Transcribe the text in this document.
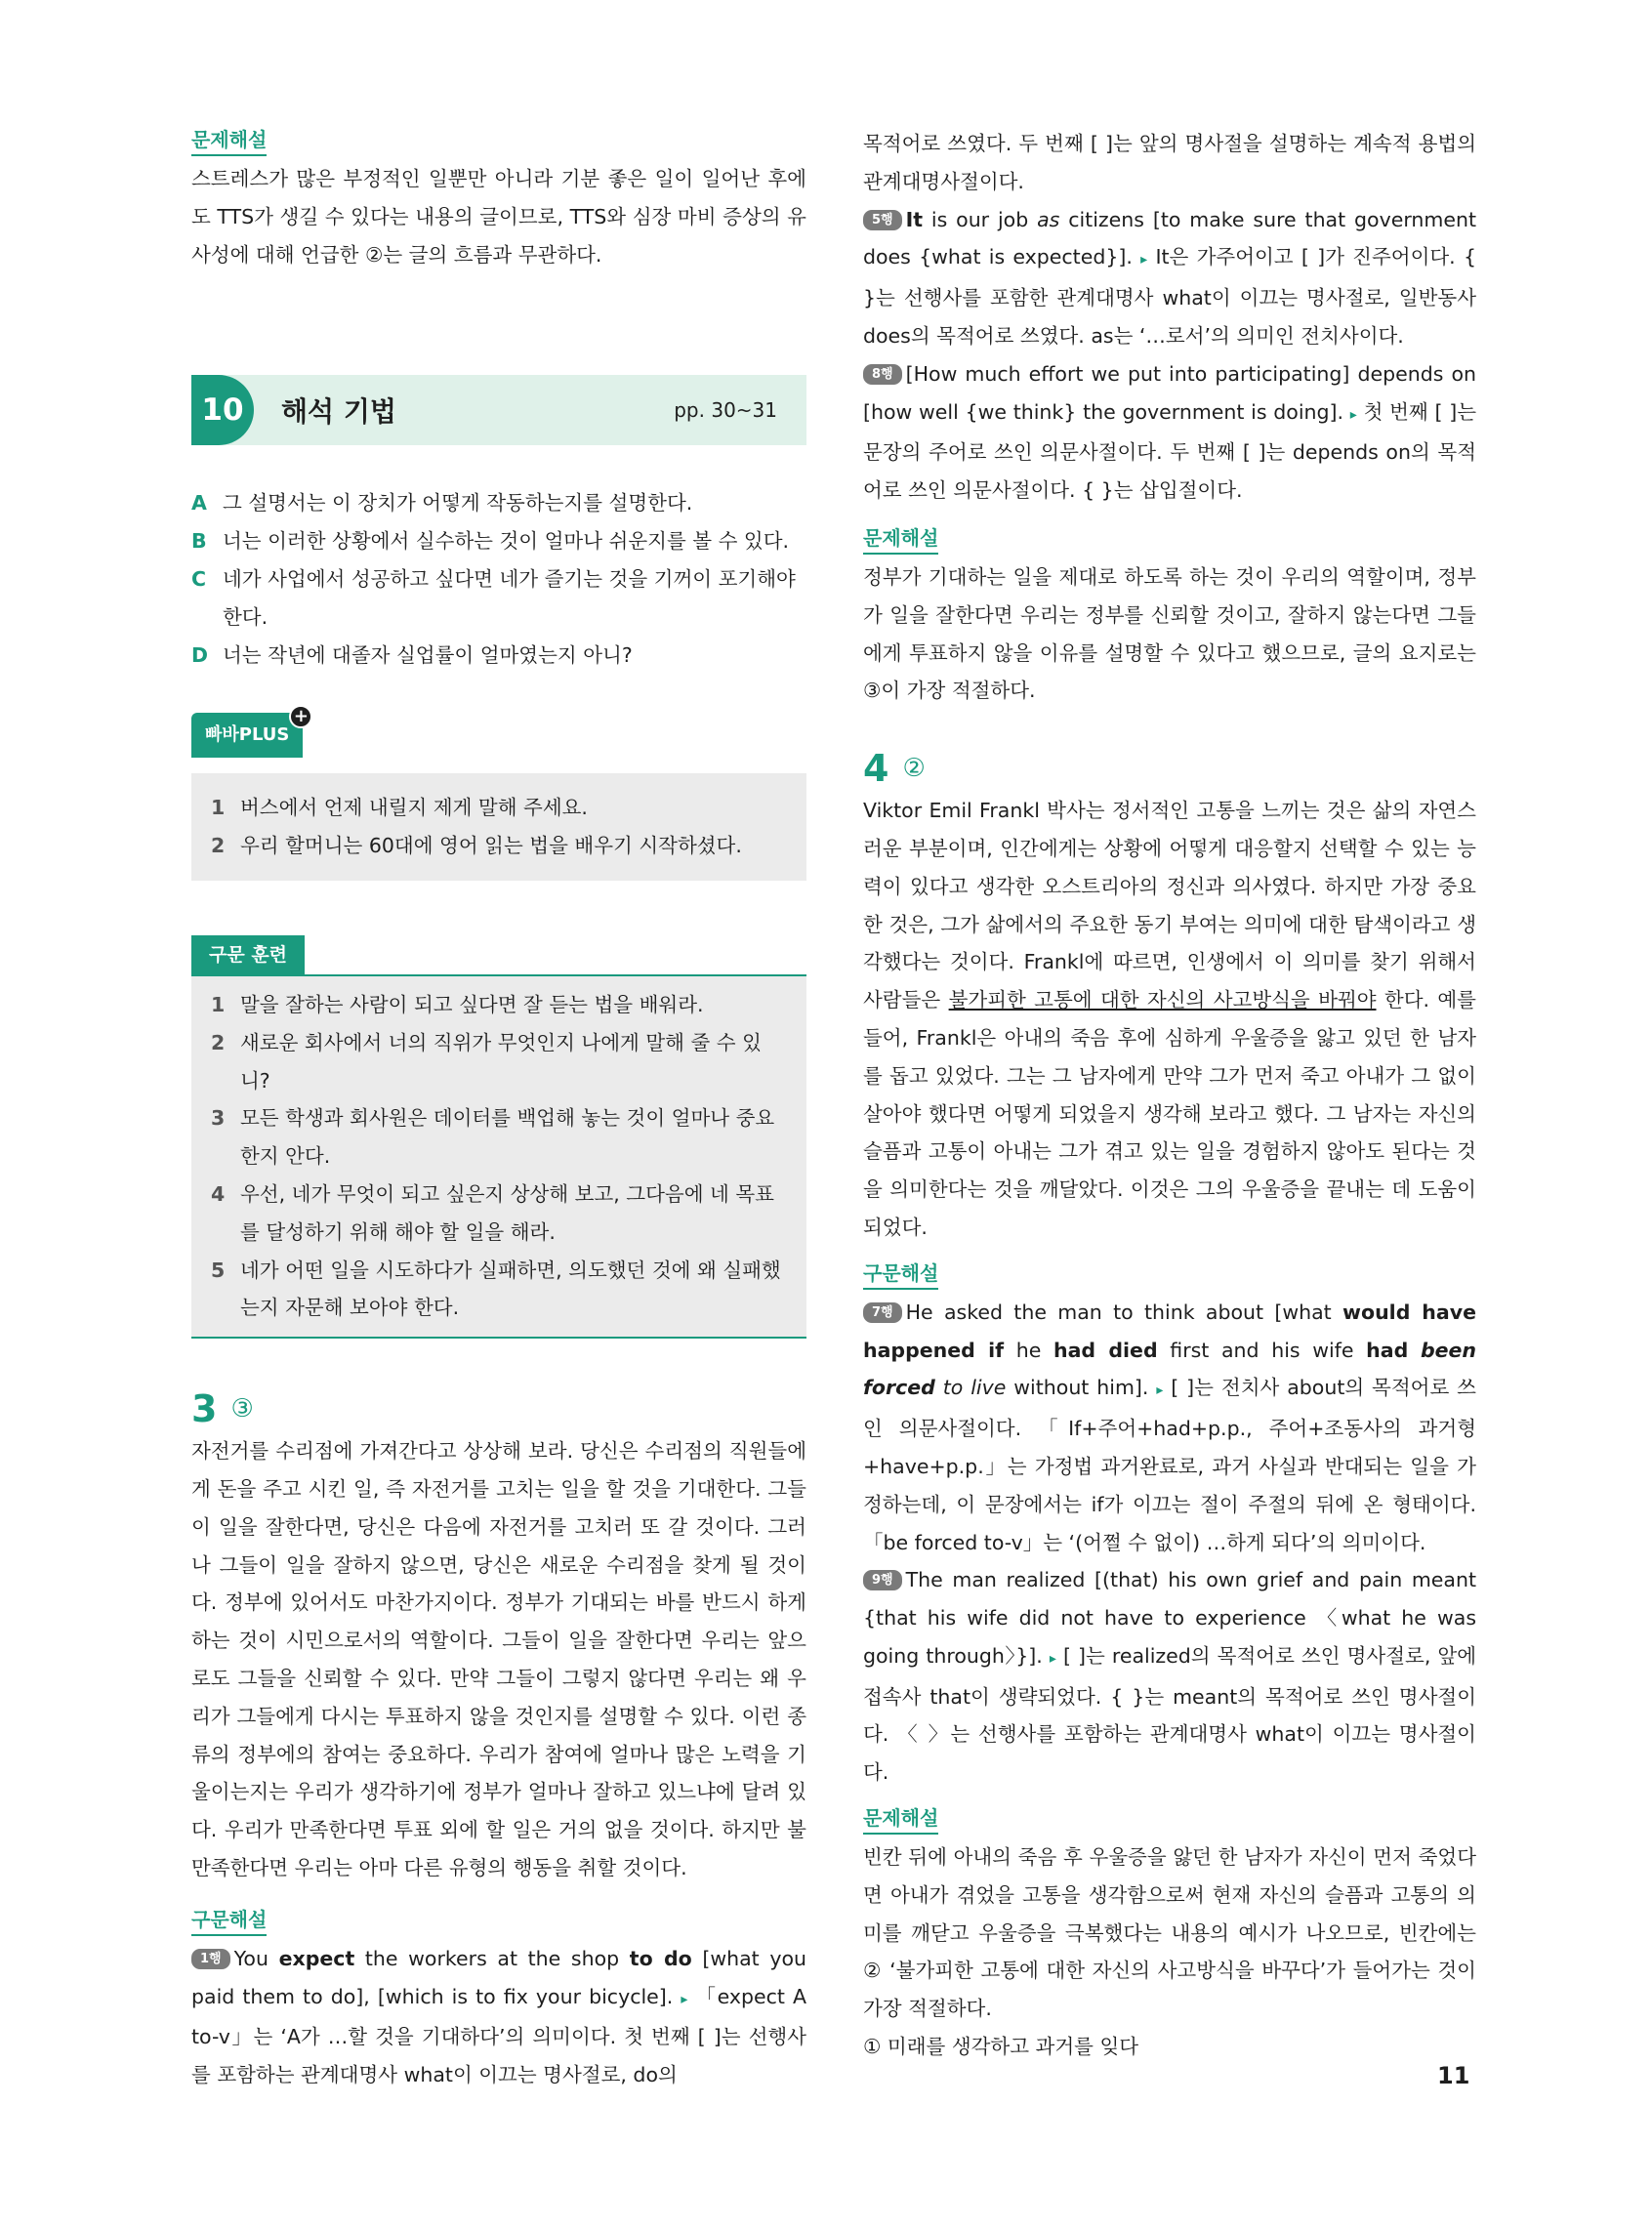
문제해설

스트레스가 많은 부정적인 일뿐만 아니라 기분 좋은 일이 일어난 후에도 TTS가 생길 수 있다는 내용의 글이므로, TTS와 심장 마비 증상의 유사성에 대해 언급한 ②는 글의 흐름과 무관하다.

10	해석 기법	pp. 30~31
A 그 설명서는 이 장치가 어떻게 작동하는지를 설명한다.
B 너는 이러한 상황에서 실수하는 것이 얼마나 쉬운지를 볼 수 있다.
C 네가 사업에서 성공하고 싶다면 네가 즐기는 것을 기꺼이 포기해야 한다.
D 너는 작년에 대졸자 실업률이 얼마였는지 아니?
빠바PLUS
+
1 버스에서 언제 내릴지 제게 말해 주세요.
2 우리 할머니는 60대에 영어 읽는 법을 배우기 시작하셨다.
구문 훈련
1 말을 잘하는 사람이 되고 싶다면 잘 듣는 법을 배워라.
2 새로운 회사에서 너의 직위가 무엇인지 나에게 말해 줄 수 있니?
3 모든 학생과 회사원은 데이터를 백업해 놓는 것이 얼마나 중요한지 안다.
4 우선, 네가 무엇이 되고 싶은지 상상해 보고, 그다음에 네 목표를 달성하기 위해 해야 할 일을 해라.
5 네가 어떤 일을 시도하다가 실패하면, 의도했던 것에 왜 실패했는지 자문해 보아야 한다.
3 ③

자전거를 수리점에 가져간다고 상상해 보라. 당신은 수리점의 직원들에게 돈을 주고 시킨 일, 즉 자전거를 고치는 일을 할 것을 기대한다. 그들이 일을 잘한다면, 당신은 다음에 자전거를 고치러 또 갈 것이다. 그러나 그들이 일을 잘하지 않으면, 당신은 새로운 수리점을 찾게 될 것이다. 정부에 있어서도 마찬가지이다. 정부가 기대되는 바를 반드시 하게 하는 것이 시민으로서의 역할이다. 그들이 일을 잘한다면 우리는 앞으로도 그들을 신뢰할 수 있다. 만약 그들이 그렇지 않다면 우리는 왜 우리가 그들에게 다시는 투표하지 않을 것인지를 설명할 수 있다. 이런 종류의 정부에의 참여는 중요하다. 우리가 참여에 얼마나 많은 노력을 기울이는지는 우리가 생각하기에 정부가 얼마나 잘하고 있느냐에 달려 있다. 우리가 만족한다면 투표 외에 할 일은 거의 없을 것이다. 하지만 불만족한다면 우리는 아마 다른 유형의 행동을 취할 것이다.

구문해설

1행 You expect the workers at the shop to do [what you paid them to do], [which is to fix your bicycle]. ▸ 「expect A to-v」는 ‘A가 …할 것을 기대하다’의 의미이다. 첫 번째 [ ]는 선행사를 포함하는 관계대명사 what이 이끄는 명사절로, do의

목적어로 쓰였다. 두 번째 [ ]는 앞의 명사절을 설명하는 계속적 용법의 관계대명사절이다.

5행 It is our job as citizens [to make sure that government does {what is expected}]. ▸ It은 가주어이고 [ ]가 진주어이다. { }는 선행사를 포함한 관계대명사 what이 이끄는 명사절로, 일반동사 does의 목적어로 쓰였다. as는 ‘…로서’의 의미인 전치사이다.

8행 [How much effort we put into participating] depends on [how well {we think} the government is doing]. ▸ 첫 번째 [ ]는 문장의 주어로 쓰인 의문사절이다. 두 번째 [ ]는 depends on의 목적어로 쓰인 의문사절이다. { }는 삽입절이다.

문제해설

정부가 기대하는 일을 제대로 하도록 하는 것이 우리의 역할이며, 정부가 일을 잘한다면 우리는 정부를 신뢰할 것이고, 잘하지 않는다면 그들에게 투표하지 않을 이유를 설명할 수 있다고 했으므로, 글의 요지로는 ③이 가장 적절하다.

4 ②

Viktor Emil Frankl 박사는 정서적인 고통을 느끼는 것은 삶의 자연스러운 부분이며, 인간에게는 상황에 어떻게 대응할지 선택할 수 있는 능력이 있다고 생각한 오스트리아의 정신과 의사였다. 하지만 가장 중요한 것은, 그가 삶에서의 주요한 동기 부여는 의미에 대한 탐색이라고 생각했다는 것이다. Frankl에 따르면, 인생에서 이 의미를 찾기 위해서 사람들은 불가피한 고통에 대한 자신의 사고방식을 바꿔야 한다. 예를 들어, Frankl은 아내의 죽음 후에 심하게 우울증을 앓고 있던 한 남자를 돕고 있었다. 그는 그 남자에게 만약 그가 먼저 죽고 아내가 그 없이 살아야 했다면 어떻게 되었을지 생각해 보라고 했다. 그 남자는 자신의 슬픔과 고통이 아내는 그가 겪고 있는 일을 경험하지 않아도 된다는 것을 의미한다는 것을 깨달았다. 이것은 그의 우울증을 끝내는 데 도움이 되었다.

구문해설

7행 He asked the man to think about [what would have happened if he had died first and his wife had been forced to live without him]. ▸ [ ]는 전치사 about의 목적어로 쓰인 의문사절이다. 「If+주어+had+p.p., 주어+조동사의 과거형+have+p.p.」는 가정법 과거완료로, 과거 사실과 반대되는 일을 가정하는데, 이 문장에서는 if가 이끄는 절이 주절의 뒤에 온 형태이다. 「be forced to-v」는 ‘(어쩔 수 없이) …하게 되다’의 의미이다.

9행 The man realized [(that) his own grief and pain meant {that his wife did not have to experience 〈what he was going through〉}]. ▸ [ ]는 realized의 목적어로 쓰인 명사절로, 앞에 접속사 that이 생략되었다. { }는 meant의 목적어로 쓰인 명사절이다. 〈 〉는 선행사를 포함하는 관계대명사 what이 이끄는 명사절이다.

문제해설

빈칸 뒤에 아내의 죽음 후 우울증을 앓던 한 남자가 자신이 먼저 죽었다면 아내가 겪었을 고통을 생각함으로써 현재 자신의 슬픔과 고통의 의미를 깨닫고 우울증을 극복했다는 내용의 예시가 나오므로, 빈칸에는 ② ‘불가피한 고통에 대한 자신의 사고방식을 바꾸다’가 들어가는 것이 가장 적절하다.

① 미래를 생각하고 과거를 잊다

11
